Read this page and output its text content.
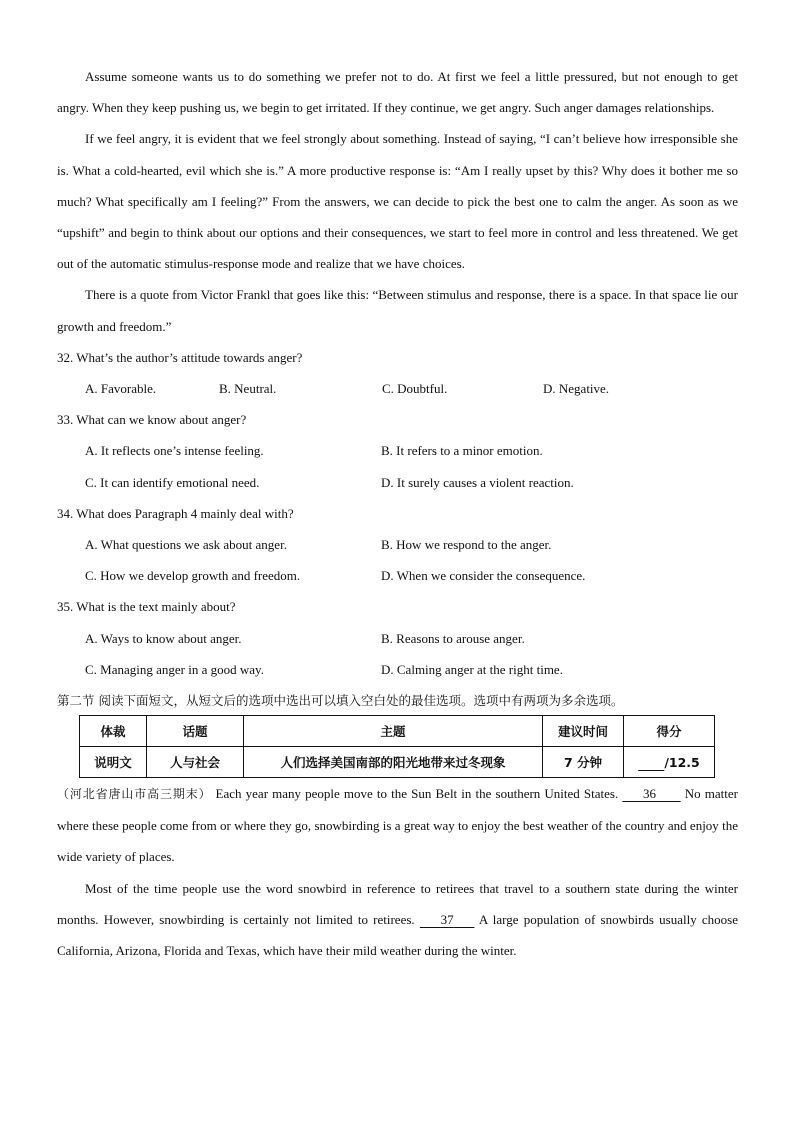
Assume someone wants us to do something we prefer not to do. At first we feel a little pressured, but not enough to get angry. When they keep pushing us, we begin to get irritated. If they continue, we get angry. Such anger damages relationships.

If we feel angry, it is evident that we feel strongly about something. Instead of saying, “I can’t believe how irresponsible she is. What a cold-hearted, evil which she is.” A more productive response is: “Am I really upset by this? Why does it bother me so much? What specifically am I feeling?” From the answers, we can decide to pick the best one to calm the anger. As soon as we “upshift” and begin to think about our options and their consequences, we start to feel more in control and less threatened. We get out of the automatic stimulus-response mode and realize that we have choices.

There is a quote from Victor Frankl that goes like this: “Between stimulus and response, there is a space. In that space lie our growth and freedom.”

32. What’s the author’s attitude towards anger?
A. Favorable.	B. Neutral.	C. Doubtful.	D. Negative.
33. What can we know about anger?
A. It reflects one’s intense feeling.	B. It refers to a minor emotion.
C. It can identify emotional need.	D. It surely causes a violent reaction.
34. What does Paragraph 4 mainly deal with?
A. What questions we ask about anger.	B. How we respond to the anger.
C. How we develop growth and freedom.	D. When we consider the consequence.
35. What is the text mainly about?
A. Ways to know about anger.	B. Reasons to arouse anger.
C. Managing anger in a good way.	D. Calming anger at the right time.
第二节 阅读下面短文，从短文后的选项中选出可以填入空白处的最佳选项。选项中有两项为多余选项。
体裁	话题	主题	建议时间	得分
说明文	人与社会	人们选择美国南部的阳光地带来过冬现象	7 分钟	/12.5

（河北省唐山市高三期末） Each year many people move to the Sun Belt in the southern United States.      36       No matter where these people come from or where they go, snowbirding is a great way to enjoy the best weather of the country and enjoy the wide variety of places.

Most of the time people use the word snowbird in reference to retirees that travel to a southern state during the winter months. However, snowbirding is certainly not limited to retirees.     37     A large population of snowbirds usually choose California, Arizona, Florida and Texas, which have their mild weather during the winter.
